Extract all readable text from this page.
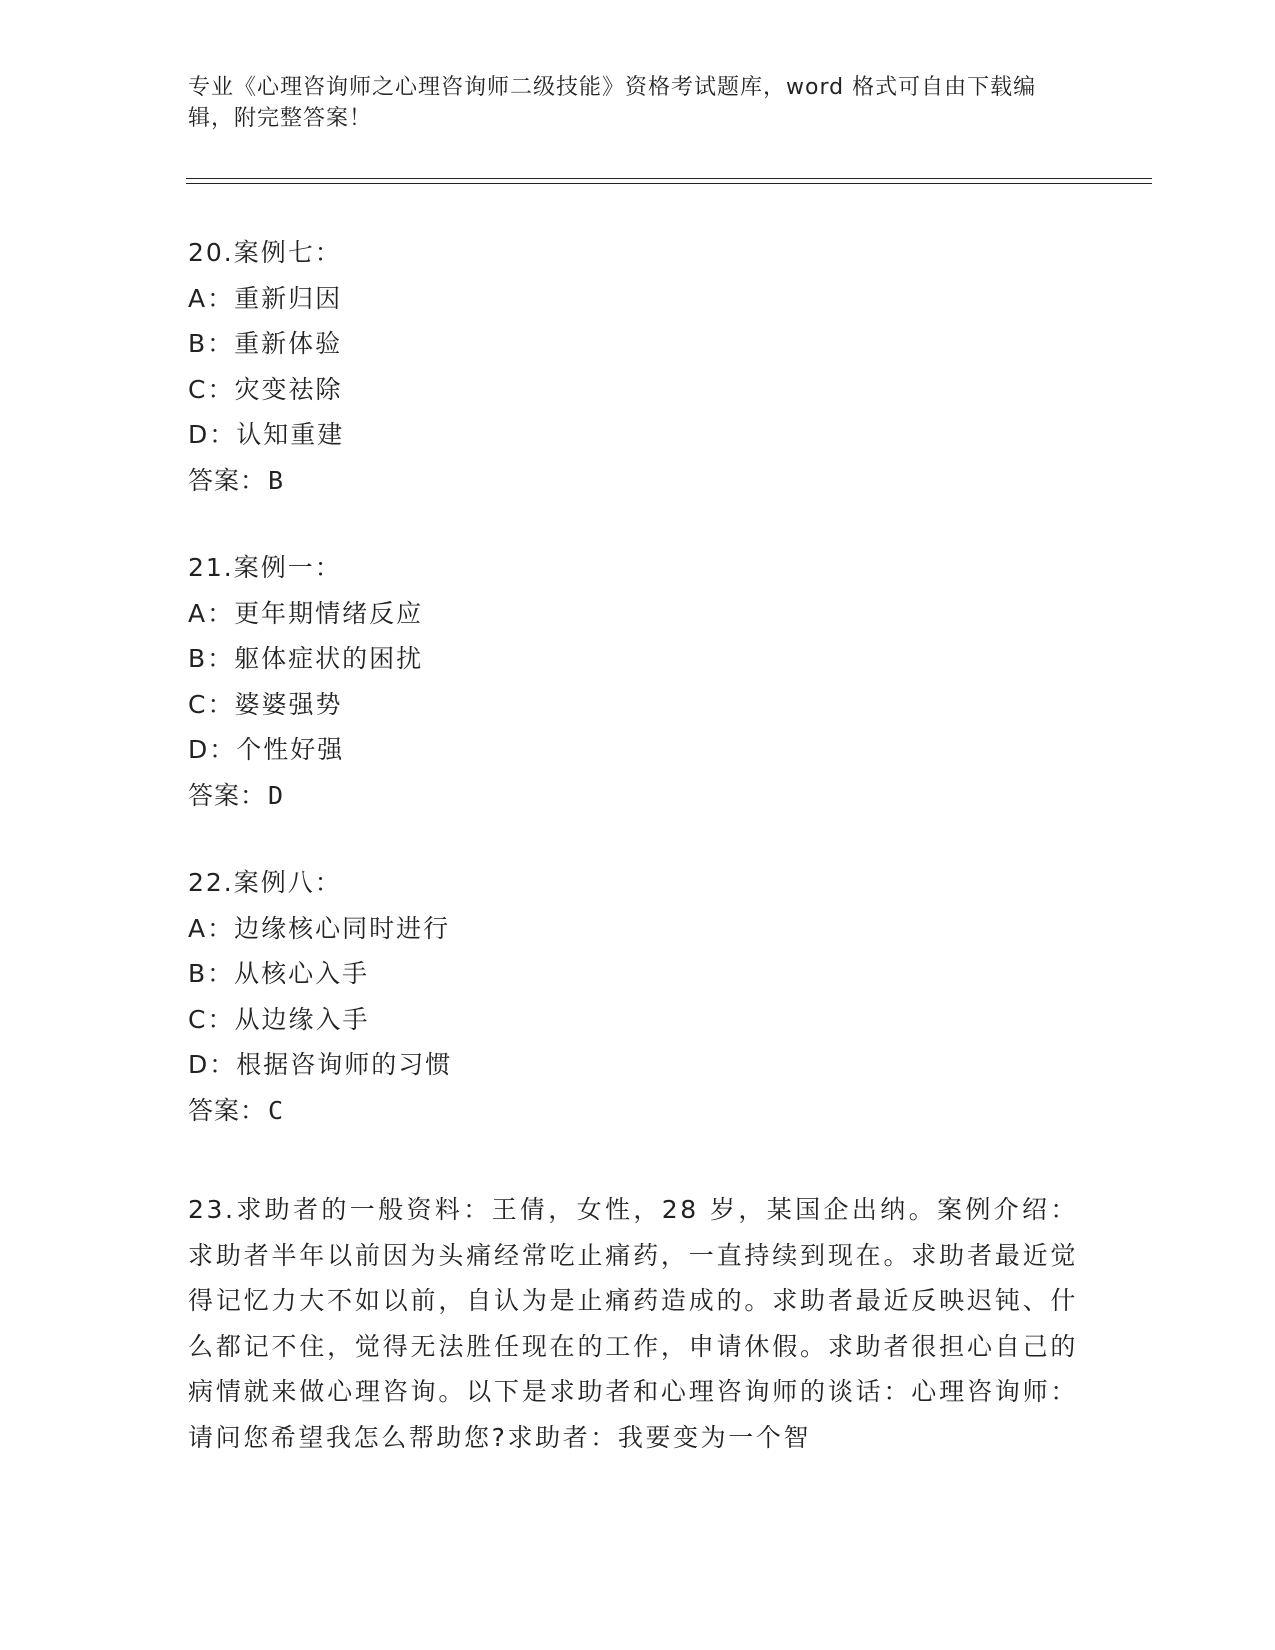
专业《心理咨询师之心理咨询师二级技能》资格考试题库，word 格式可自由下载编辑，附完整答案！
20.案例七：
A：重新归因
B：重新体验
C：灾变祛除
D：认知重建
答案：B
21.案例一：
A：更年期情绪反应
B：躯体症状的困扰
C：婆婆强势
D：个性好强
答案：D
22.案例八：
A：边缘核心同时进行
B：从核心入手
C：从边缘入手
D：根据咨询师的习惯
答案：C
23.求助者的一般资料：王倩，女性，28 岁，某国企出纳。案例介绍：求助者半年以前因为头痛经常吃止痛药，一直持续到现在。求助者最近觉得记忆力大不如以前，自认为是止痛药造成的。求助者最近反映迟钝、什么都记不住，觉得无法胜任现在的工作，申请休假。求助者很担心自己的病情就来做心理咨询。以下是求助者和心理咨询师的谈话：心理咨询师：请问您希望我怎么帮助您?求助者：我要变为一个智
